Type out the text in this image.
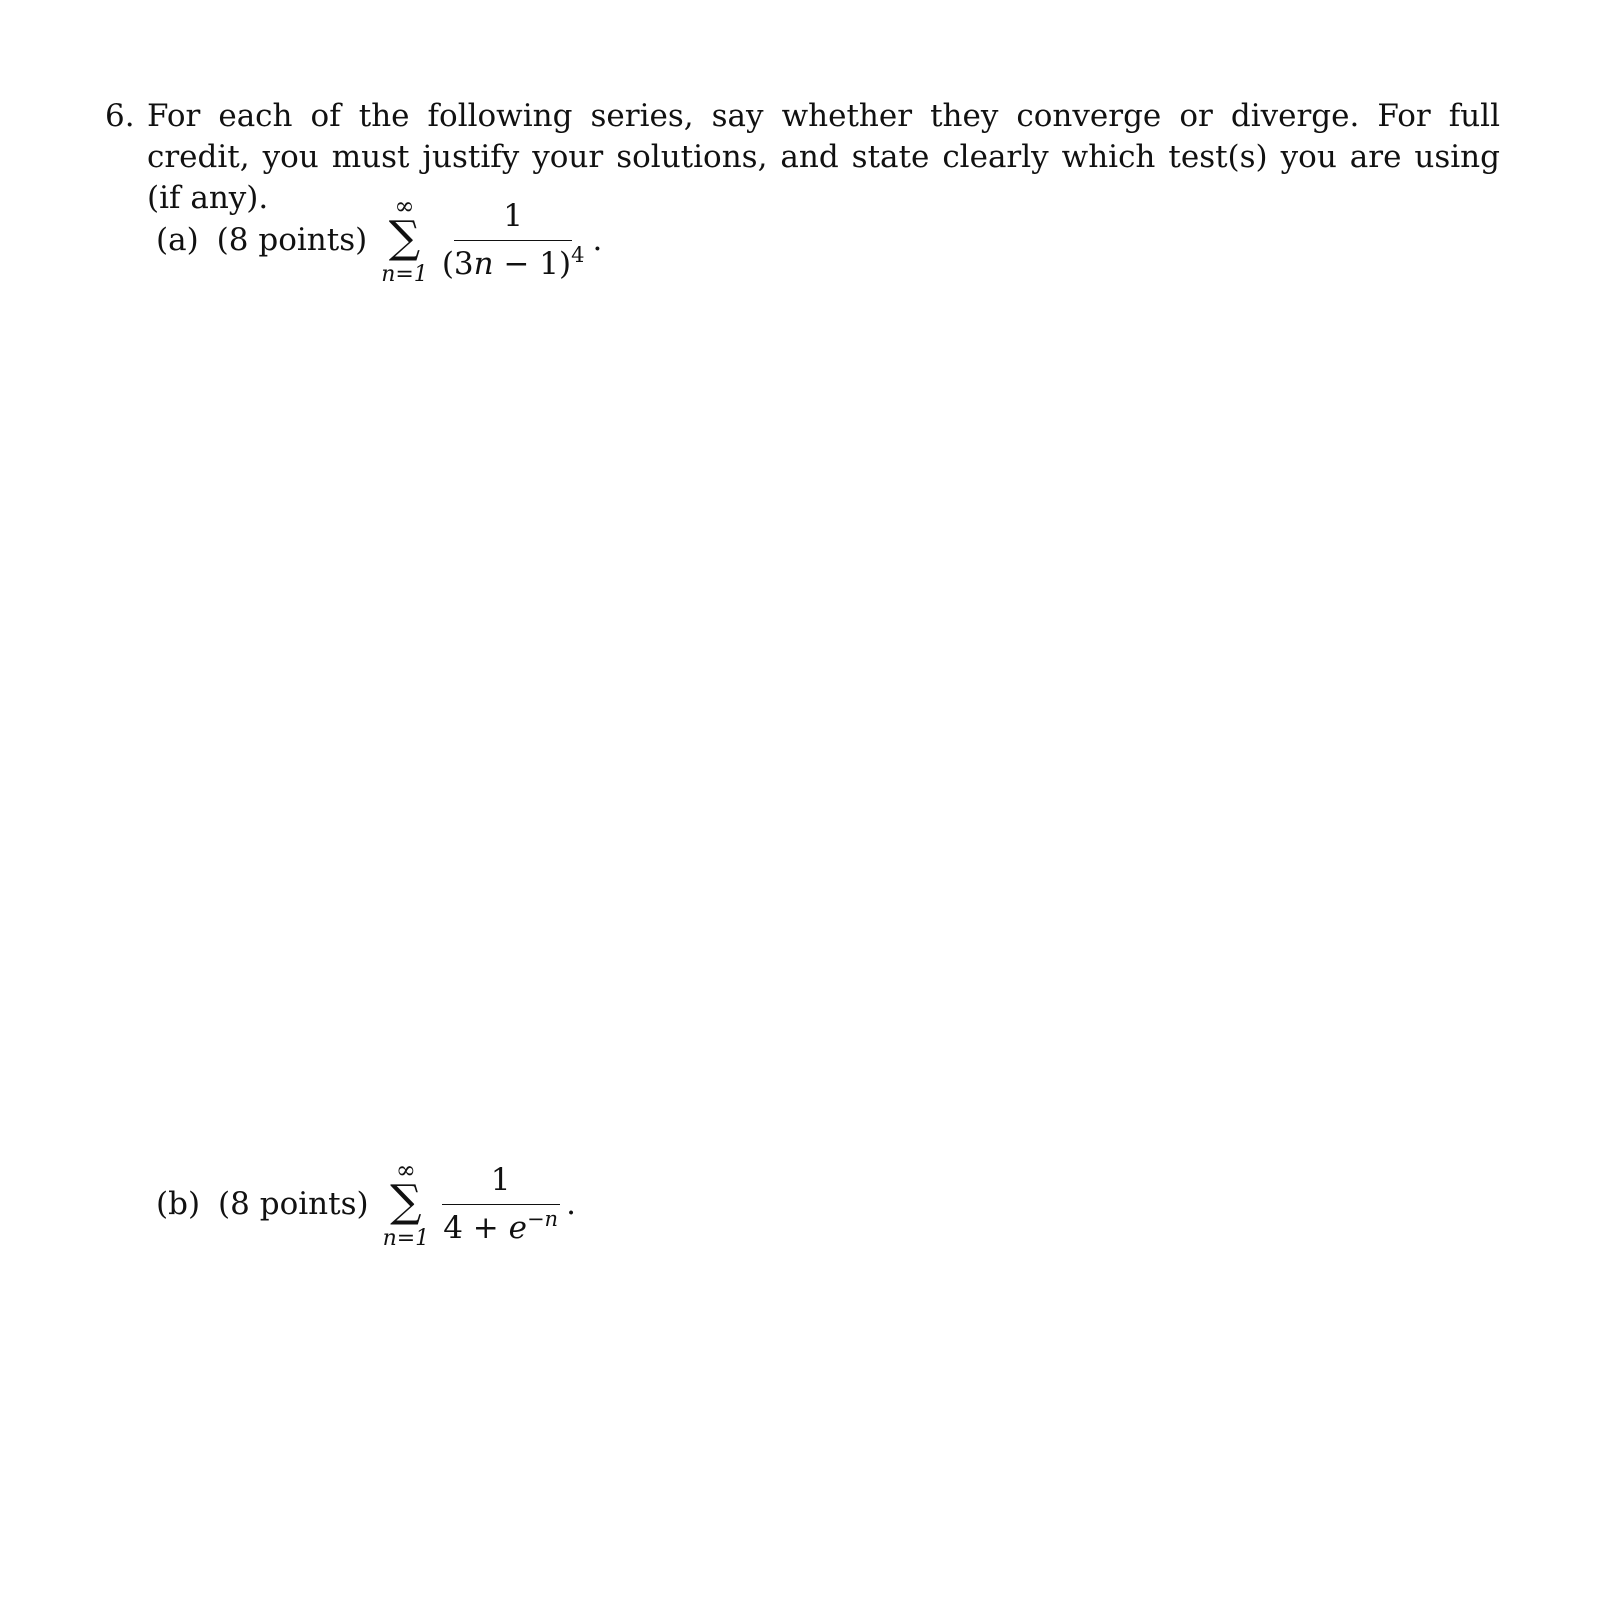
6. For each of the following series, say whether they converge or diverge. For full credit, you must justify your solutions, and state clearly which test(s) you are using (if any).
(a) (8 points)
∞
∑
$n=1 \frac{1}{(3n - 1)^4}$ .
(b) (8 points)
∞
∑
$n=1 \frac{1}{4 + e^{-n}}$ .
